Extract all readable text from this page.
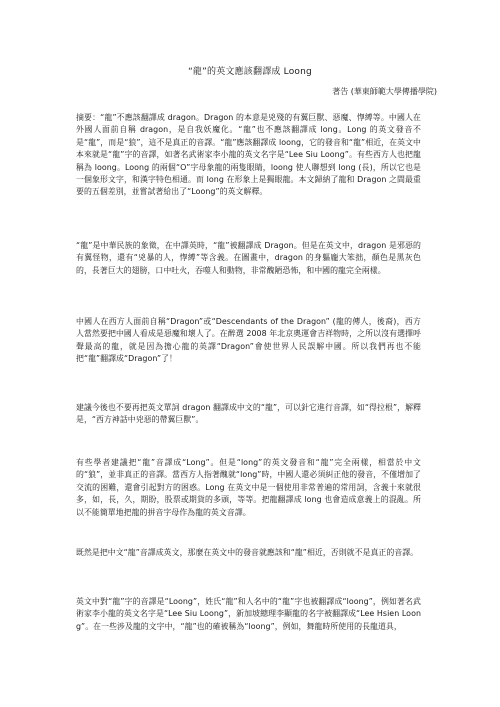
“龍”的英文應該翻譯成 Loong
著告 (華東師範大學傳播學院)
摘要：“龍”不應該翻譯成 dragon。Dragon 的本意是兇殘的有翼巨獸、惡魔、惸縛等。中國人在外國人面前自稱 dragon，是自我妖魔化。“龍”也不應該翻譯成 long。Long 的英文發音不是“龍”，而是“狼”，這不是真正的音譯。“龍”應該翻譯成 loong，它的發音和“龍”相近，在英文中本來就是“龍”字的音譯，如著名武術家李小龍的英文名字是“Lee Siu Loong”。有些西方人也把龍稱為 loong。Loong 的兩個“O”字母象龍的兩隻眼睛，loong 使人聯想到 long (長)，所以它也是一個象形文字，和漢字特色相通。而 long 在形象上是獨眼龍。本文歸納了龍和 Dragon 之間最重要的五個差別，並嘗試著給出了“Loong”的英文解釋。
“龍”是中華民族的象徵，在中譯英時，“龍”被翻譯成 Dragon。但是在英文中，dragon 是邪惡的有翼怪物，還有“兇暴的人，惸縛”等含義。在圖畫中，dragon 的身軀龐大笨拙，顏色是黑灰色的，長著巨大的翅膀，口中吐火，吞噬人和動物，非常醜陋恐怖，和中國的龍完全兩樣。
中國人在西方人面前自稱“Dragon”或“Descendants of the Dragon” (龍的傳人，後裔)，西方人當然要把中國人看成是惡魔和壞人了。在醉選 2008 年北京奧運會吉祥物時，之所以沒有選擇呼聲最高的龍，就是因為擔心龍的英譯“Dragon”會使世界人民誤解中國。所以我們再也不能把“龍”翻譯成“Dragon”了！
建議今後也不要再把英文單詞 dragon 翻譯成中文的“龍”，可以針它進行音譯，如“得拉根”，解釋是，“西方神話中兇惡的帶翼巨獸”。
有些學者建議把“龍”音譯成“Long”。但是“long”的英文發音和“龍”完全兩樣，相當於中文的“狼”，並非真正的音譯。當西方人指著醜就“long”時，中國人還必須糾正他的發音，不僅增加了交流的困難，還會引起對方的困惑。Long 在英文中是一個使用非常普遍的常用詞，含義十來就很多，如，長，久，期盼，股票或期貨的多頭，等等。把龍翻譯成 long 也會造成意義上的混亂。所以不能簡單地把龍的拼音字母作為龍的英文音譯。
既然是把中文“龍”音譯成英文，那麼在英文中的發音就應該和“龍”相近，否則就不是真正的音譯。
英文中對“龍”字的音譯是“Loong”，姓氏“龍”和人名中的“龍”字也被翻譯成“loong”，例如著名武術家李小龍的英文名字是“Lee Siu Loong”，新加坡總理李顯龍的名字被翻譯成“Lee Hsien Loong”。在一些涉及龍的文字中，“龍”也的確被稱為“loong”，例如，舞龍時所使用的長龍道具，
